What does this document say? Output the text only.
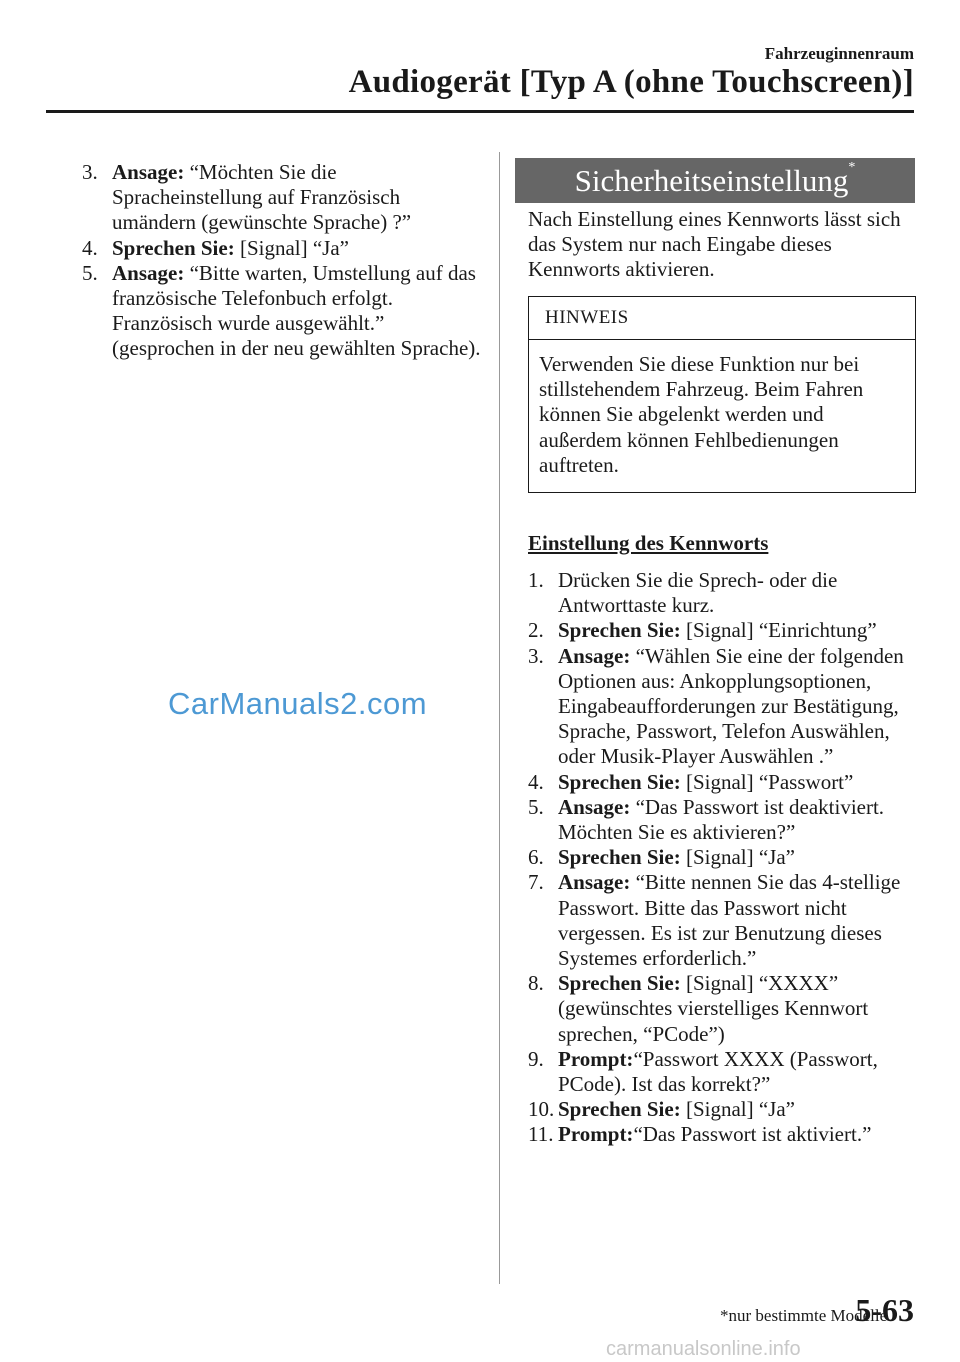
Fahrzeuginnenraum
Audiogerät [Typ A (ohne Touchscreen)]
3. Ansage: “Möchten Sie die Spracheinstellung auf Französisch umändern (gewünschte Sprache) ?”
4. Sprechen Sie: [Signal] “Ja”
5. Ansage: “Bitte warten, Umstellung auf das französische Telefonbuch erfolgt. Französisch wurde ausgewählt.” (gesprochen in der neu gewählten Sprache).
Sicherheitseinstellung*
Nach Einstellung eines Kennworts lässt sich das System nur nach Eingabe dieses Kennworts aktivieren.
HINWEIS
Verwenden Sie diese Funktion nur bei stillstehendem Fahrzeug. Beim Fahren können Sie abgelenkt werden und außerdem können Fehlbedienungen auftreten.
Einstellung des Kennworts
1. Drücken Sie die Sprech- oder die Antworttaste kurz.
2. Sprechen Sie: [Signal] “Einrichtung”
3. Ansage: “Wählen Sie eine der folgenden Optionen aus: Ankopplungsoptionen, Eingabeaufforderungen zur Bestätigung, Sprache, Passwort, Telefon Auswählen, oder Musik-Player Auswählen .”
4. Sprechen Sie: [Signal] “Passwort”
5. Ansage: “Das Passwort ist deaktiviert. Möchten Sie es aktivieren?”
6. Sprechen Sie: [Signal] “Ja”
7. Ansage: “Bitte nennen Sie das 4-stellige Passwort. Bitte das Passwort nicht vergessen. Es ist zur Benutzung dieses Systemes erforderlich.”
8. Sprechen Sie: [Signal] “XXXX” (gewünschtes vierstelliges Kennwort sprechen, “PCode”)
9. Prompt:“Passwort XXXX (Passwort, PCode). Ist das korrekt?”
10. Sprechen Sie: [Signal] “Ja”
11. Prompt:“Das Passwort ist aktiviert.”
CarManuals2.com
*nur bestimmte Modelle
5-63
carmanualsonline.info
